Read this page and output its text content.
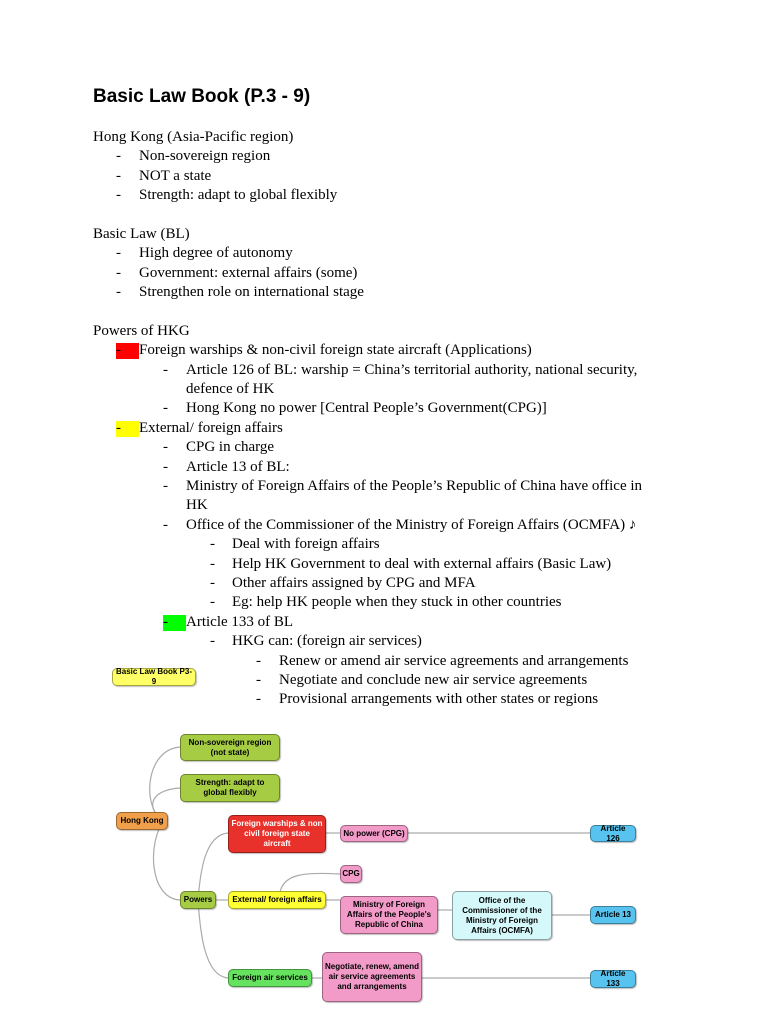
Basic Law Book (P.3 - 9)
Hong Kong (Asia-Pacific region)
- Non-sovereign region
- NOT a state
- Strength: adapt to global flexibly
Basic Law (BL)
- High degree of autonomy
- Government: external affairs (some)
- Strengthen role on international stage
Powers of HKG
- Foreign warships & non-civil foreign state aircraft (Applications)
- Article 126 of BL: warship = China’s territorial authority, national security,
defence of HK
- Hong Kong no power [Central People’s Government(CPG)]
- External/ foreign affairs
- CPG in charge
- Article 13 of BL:
- Ministry of Foreign Affairs of the People’s Republic of China have office in
HK
- Office of the Commissioner of the Ministry of Foreign Affairs (OCMFA) ♪
- Deal with foreign affairs
- Help HK Government to deal with external affairs (Basic Law)
- Other affairs assigned by CPG and MFA
- Eg: help HK people when they stuck in other countries
- Article 133 of BL
- HKG can: (foreign air services)
- Renew or amend air service agreements and arrangements
- Negotiate and conclude new air service agreements
- Provisional arrangements with other states or regions
Basic Law Book P3-9
Non-sovereign region (not state)
Strength: adapt to global flexibly
Hong Kong	Foreign warships & non civil foreign state aircraft
No power (CPG)
Article 126
CPG
Powers	External/ foreign affairs
Ministry of Foreign Affairs of the People's Republic of China
Office of the Commissioner of the Ministry of Foreign Affairs (OCMFA)
Article 13
Negotiate, renew, amend air service agreements and arrangements
Foreign air services	Article 133
